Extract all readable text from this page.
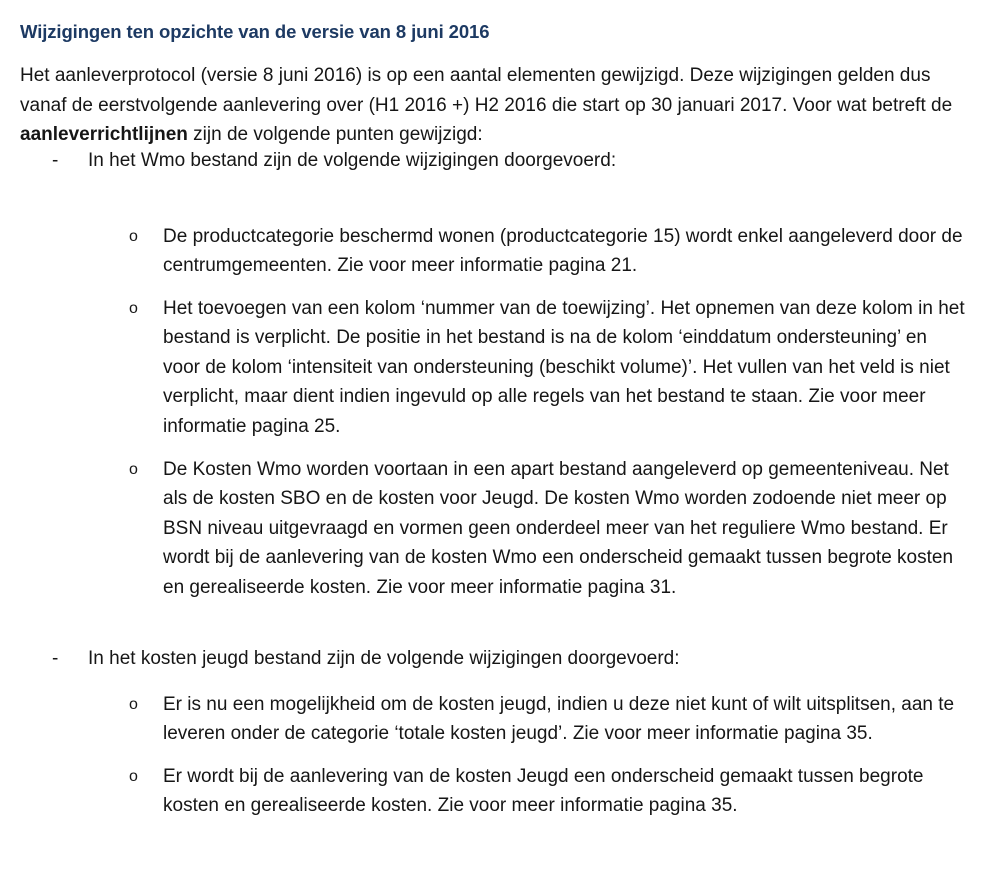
Wijzigingen ten opzichte van de versie van 8 juni 2016

Het aanleverprotocol (versie 8 juni 2016) is op een aantal elementen gewijzigd. Deze wijzigingen gelden dus vanaf de eerstvolgende aanlevering over (H1 2016 +) H2 2016 die start op 30 januari 2017. Voor wat betreft de aanleverrichtlijnen zijn de volgende punten gewijzigd:

-	In het Wmo bestand zijn de volgende wijzigingen doorgevoerd:
o	De productcategorie beschermd wonen (productcategorie 15) wordt enkel aangeleverd door de centrumgemeenten. Zie voor meer informatie pagina 21.
o	Het toevoegen van een kolom ‘nummer van de toewijzing’. Het opnemen van deze kolom in het bestand is verplicht. De positie in het bestand is na de kolom ‘einddatum ondersteuning’ en voor de kolom ‘intensiteit van ondersteuning (beschikt volume)’. Het vullen van het veld is niet verplicht, maar dient indien ingevuld op alle regels van het bestand te staan. Zie voor meer informatie pagina 25.
o	De Kosten Wmo worden voortaan in een apart bestand aangeleverd op gemeenteniveau. Net als de kosten SBO en de kosten voor Jeugd. De kosten Wmo worden zodoende niet meer op BSN niveau uitgevraagd en vormen geen onderdeel meer van het reguliere Wmo bestand. Er wordt bij de aanlevering van de kosten Wmo een onderscheid gemaakt tussen begrote kosten en gerealiseerde kosten. Zie voor meer informatie pagina 31.
-	In het kosten jeugd bestand zijn de volgende wijzigingen doorgevoerd:
o	Er is nu een mogelijkheid om de kosten jeugd, indien u deze niet kunt of wilt uitsplitsen, aan te leveren onder de categorie ‘totale kosten jeugd’. Zie voor meer informatie pagina 35.
o	Er wordt bij de aanlevering van de kosten Jeugd een onderscheid gemaakt tussen begrote kosten en gerealiseerde kosten. Zie voor meer informatie pagina 35.
